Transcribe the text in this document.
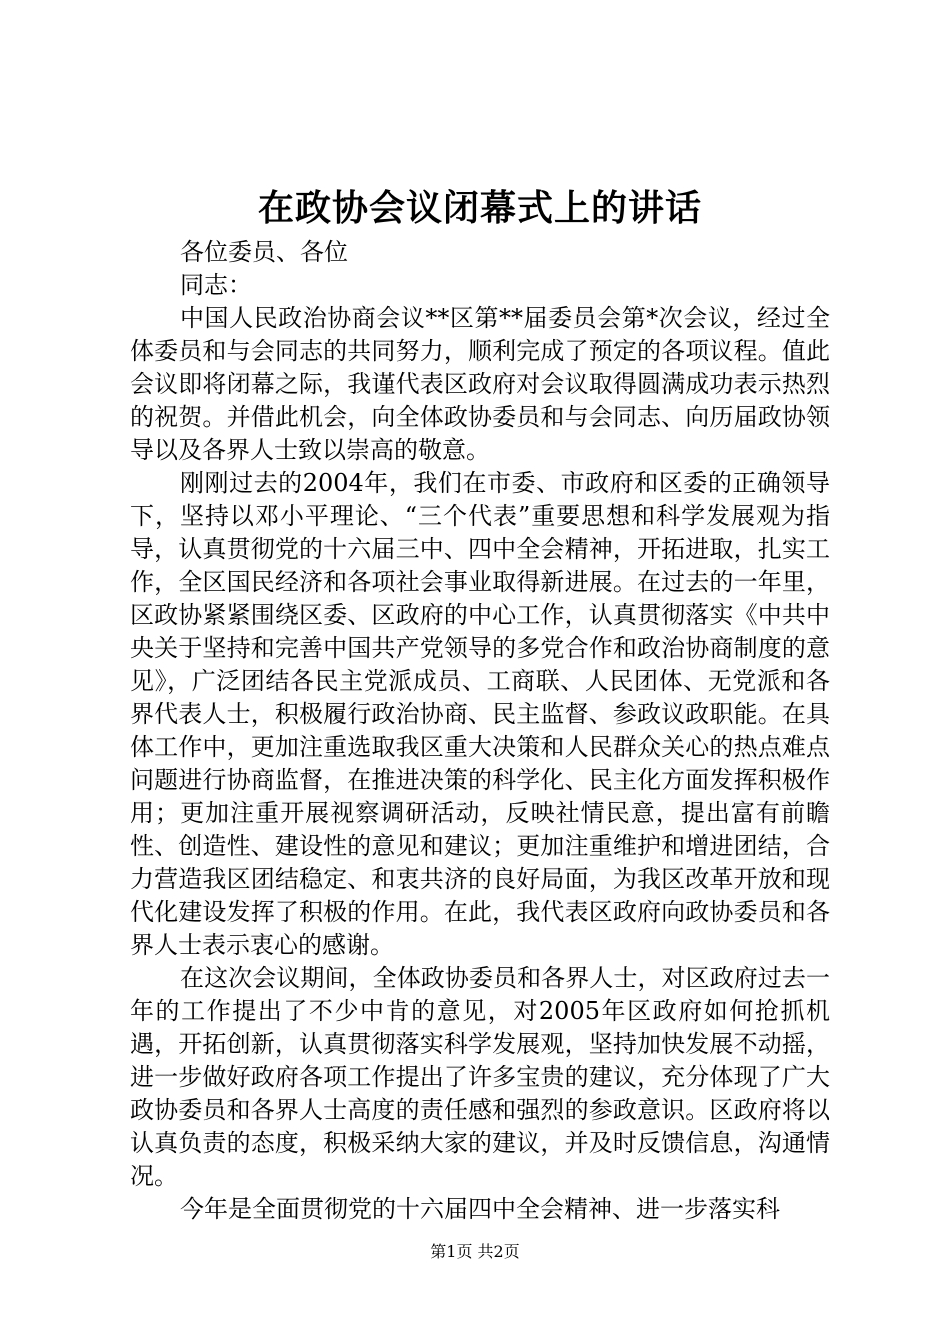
在政协会议闭幕式上的讲话

各位委员、各位

同志：

中国人民政治协商会议**区第**届委员会第*次会议，经过全体委员和与会同志的共同努力，顺利完成了预定的各项议程。值此会议即将闭幕之际，我谨代表区政府对会议取得圆满成功表示热烈的祝贺。并借此机会，向全体政协委员和与会同志、向历届政协领导以及各界人士致以崇高的敬意。

刚刚过去的2004年，我们在市委、市政府和区委的正确领导下，坚持以邓小平理论、“三个代表”重要思想和科学发展观为指导，认真贯彻党的十六届三中、四中全会精神，开拓进取，扎实工作，全区国民经济和各项社会事业取得新进展。在过去的一年里，区政协紧紧围绕区委、区政府的中心工作，认真贯彻落实《中共中央关于坚持和完善中国共产党领导的多党合作和政治协商制度的意见》，广泛团结各民主党派成员、工商联、人民团体、无党派和各界代表人士，积极履行政治协商、民主监督、参政议政职能。在具体工作中，更加注重选取我区重大决策和人民群众关心的热点难点问题进行协商监督，在推进决策的科学化、民主化方面发挥积极作用；更加注重开展视察调研活动，反映社情民意，提出富有前瞻性、创造性、建设性的意见和建议；更加注重维护和增进团结，合力营造我区团结稳定、和衷共济的良好局面，为我区改革开放和现代化建设发挥了积极的作用。在此，我代表区政府向政协委员和各界人士表示衷心的感谢。

在这次会议期间，全体政协委员和各界人士，对区政府过去一年的工作提出了不少中肯的意见，对2005年区政府如何抢抓机遇，开拓创新，认真贯彻落实科学发展观，坚持加快发展不动摇，进一步做好政府各项工作提出了许多宝贵的建议，充分体现了广大政协委员和各界人士高度的责任感和强烈的参政意识。区政府将以认真负责的态度，积极采纳大家的建议，并及时反馈信息，沟通情况。

今年是全面贯彻党的十六届四中全会精神、进一步落实科

第1页 共2页
